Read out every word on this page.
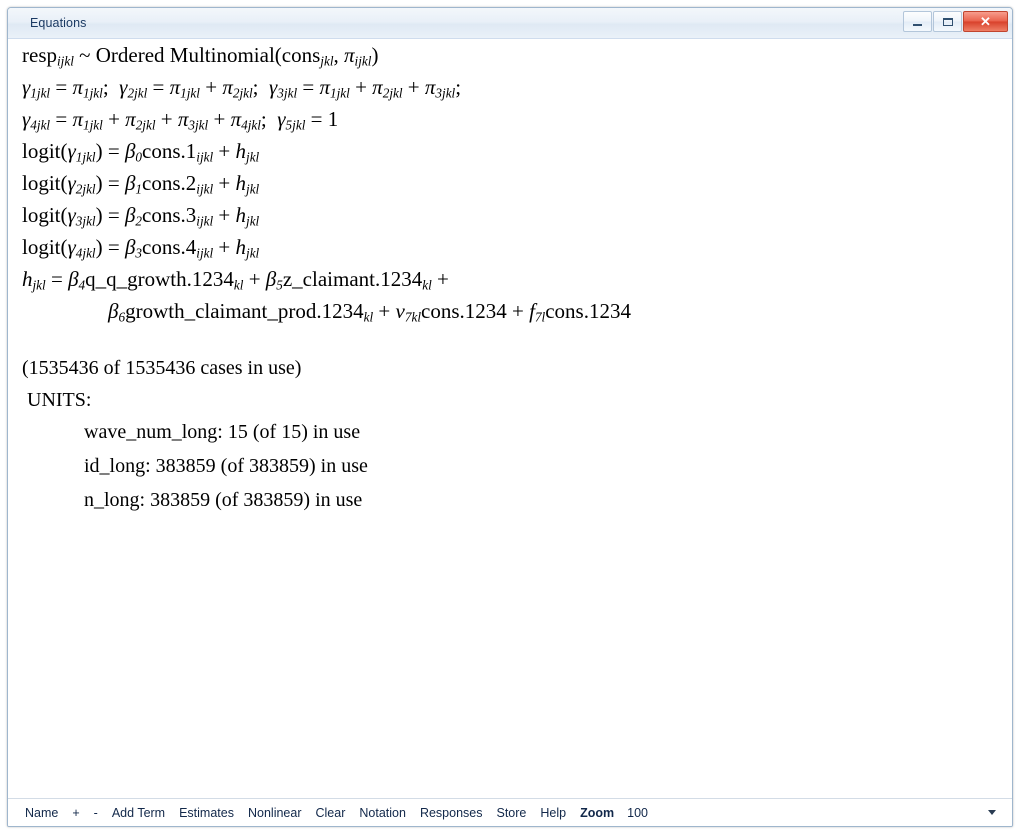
Equations	✕
resp$_{ijkl}$ ~ Ordered Multinomial(cons$_{jkl}$, $\pi_{ijkl}$)
$\gamma_{1jkl} = \pi_{1jkl}$;  $\gamma_{2jkl} = \pi_{1jkl} + \pi_{2jkl}$;  $\gamma_{3jkl} = \pi_{1jkl} + \pi_{2jkl} + \pi_{3jkl}$;
$\gamma_{4jkl} = \pi_{1jkl} + \pi_{2jkl} + \pi_{3jkl} + \pi_{4jkl}$;  $\gamma_{5jkl} = 1$
$logit(\gamma_{1jkl})$ = $\beta_0cons.1_{ijkl} + h_{jkl}$
$logit(\gamma_{2jkl})$ = $\beta_1cons.2_{ijkl} + h_{jkl}$
$logit(\gamma_{3jkl})$ = $\beta_2cons.3_{ijkl} + h_{jkl}$
$logit(\gamma_{4jkl})$ = $\beta_3cons.4_{ijkl} + h_{jkl}$
$h_{jkl}$ = $\beta_4q\_q\_growth.1234_{kl}$ + $\beta_5z\_claimant.1234_{kl}$ +
$\beta_6growth\_claimant\_prod.1234_{kl}$ + $v_{7kl}cons.1234$ + $f_{7l}cons.1234$
(1535436 of 1535436 cases in use)
UNITS:
wave_num_long: 15 (of 15) in use
id_long: 383859 (of 383859) in use
n_long: 383859 (of 383859) in use
Name	+	-	Add Term	Estimates	Nonlinear	Clear	Notation	Responses	Store	Help	Zoom	100
